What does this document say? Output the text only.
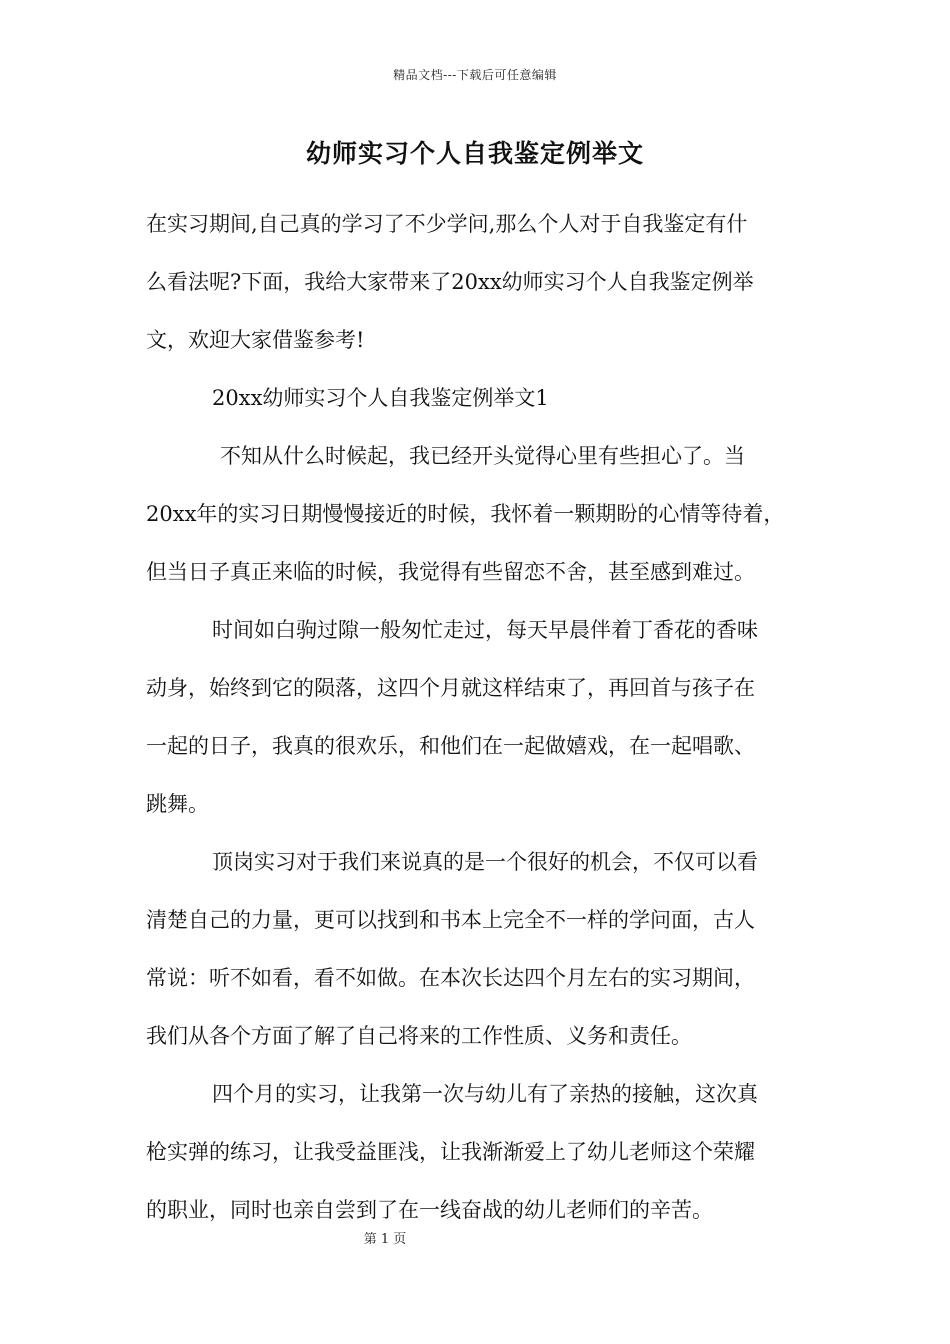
精品文档---下载后可任意编辑
幼师实习个人自我鉴定例举文

在实习期间,自己真的学习了不少学问,那么个人对于自我鉴定有什

么看法呢?下面，我给大家带来了20xx幼师实习个人自我鉴定例举

文，欢迎大家借鉴参考!

20xx幼师实习个人自我鉴定例举文1

不知从什么时候起，我已经开头觉得心里有些担心了。当

20xx年的实习日期慢慢接近的时候，我怀着一颗期盼的心情等待着，

但当日子真正来临的时候，我觉得有些留恋不舍，甚至感到难过。

时间如白驹过隙一般匆忙走过，每天早晨伴着丁香花的香味

动身，始终到它的陨落，这四个月就这样结束了，再回首与孩子在

一起的日子，我真的很欢乐，和他们在一起做嬉戏，在一起唱歌、

跳舞。

顶岗实习对于我们来说真的是一个很好的机会，不仅可以看

清楚自己的力量，更可以找到和书本上完全不一样的学问面，古人

常说：听不如看，看不如做。在本次长达四个月左右的实习期间，

我们从各个方面了解了自己将来的工作性质、义务和责任。

四个月的实习，让我第一次与幼儿有了亲热的接触，这次真

枪实弹的练习，让我受益匪浅，让我渐渐爱上了幼儿老师这个荣耀

的职业，同时也亲自尝到了在一线奋战的幼儿老师们的辛苦。

第 1 页
